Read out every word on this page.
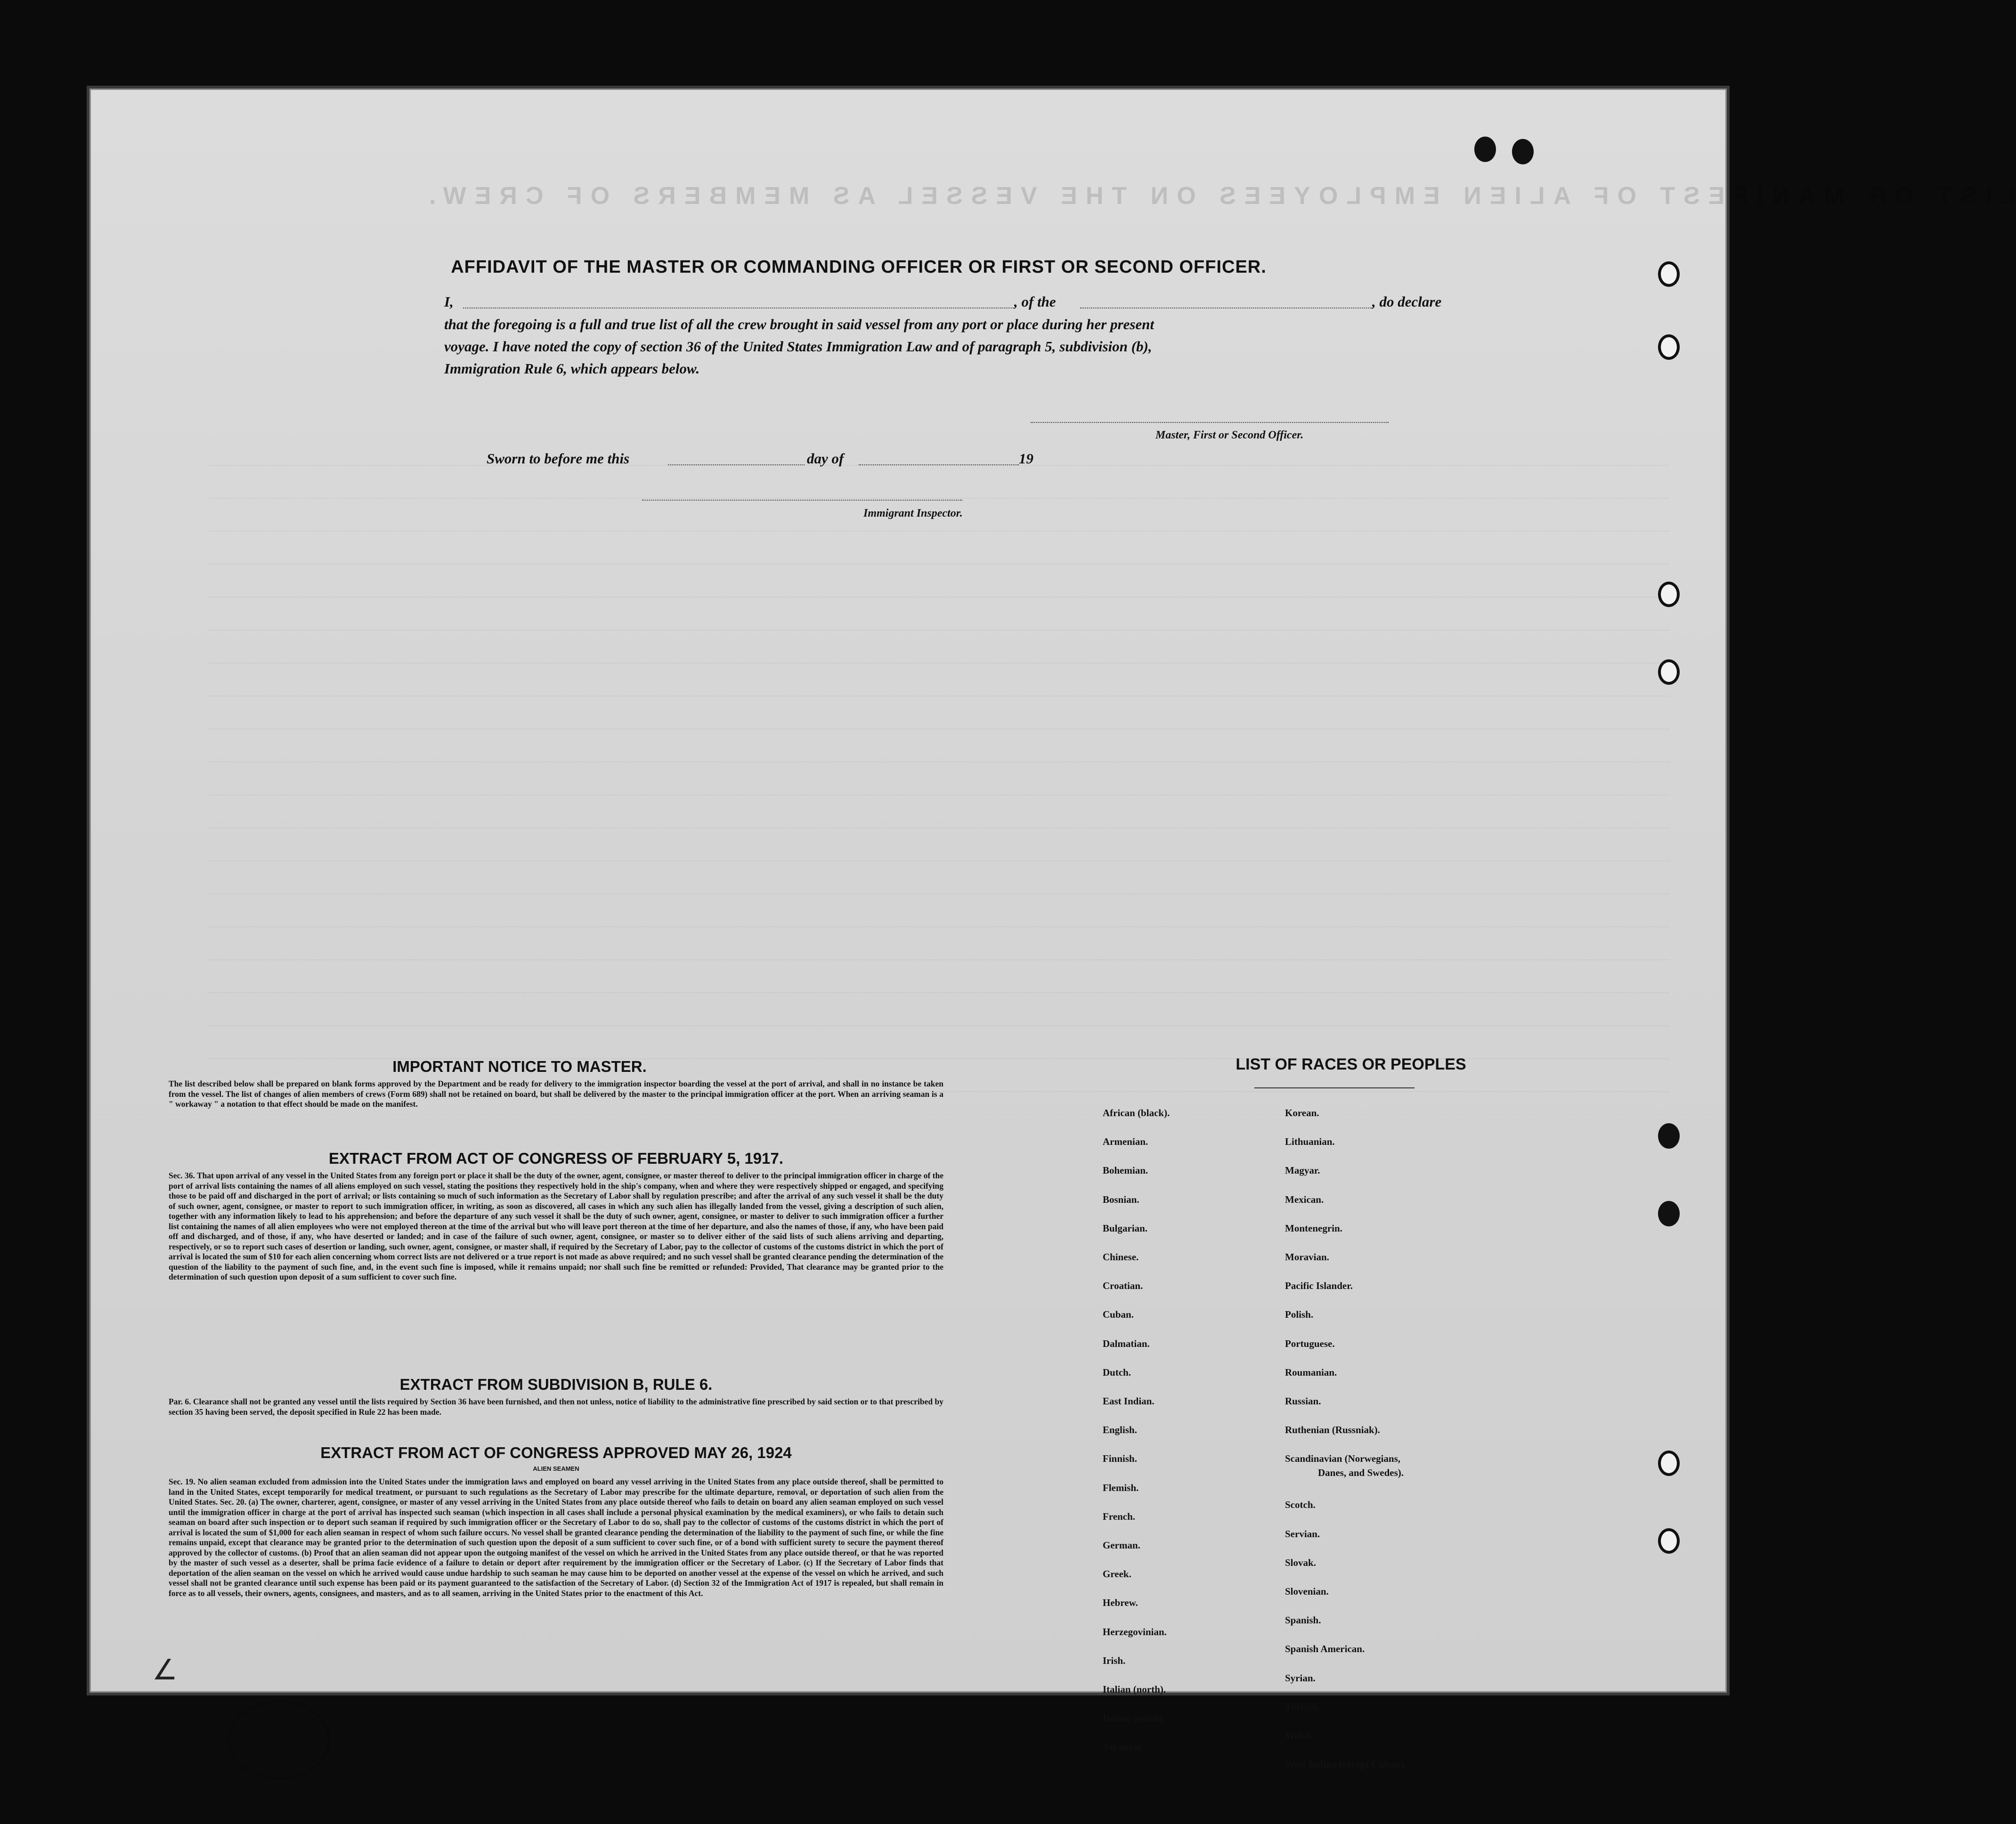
LIST OR MANIFEST OF ALIEN EMPLOYEES ON THE VESSEL AS MEMBERS OF CREW.
AFFIDAVIT OF THE MASTER OR COMMANDING OFFICER OR FIRST OR SECOND OFFICER.
I,	, of the	, do declare
that the foregoing is a full and true list of all the crew brought in said vessel from any port or place during her present
voyage. I have noted the copy of section 36 of the United States Immigration Law and of paragraph 5, subdivision (b),
Immigration Rule 6, which appears below.
Master, First or Second Officer.
Sworn to before me this	day of	19
Immigrant Inspector.
IMPORTANT NOTICE TO MASTER.
The list described below shall be prepared on blank forms approved by the Department and be ready for delivery to the immigration inspector boarding the vessel at the port of arrival, and shall in no instance be taken from the vessel. The list of changes of alien members of crews (Form 689) shall not be retained on board, but shall be delivered by the master to the principal immigration officer at the port. When an arriving seaman is a " workaway " a notation to that effect should be made on the manifest.
EXTRACT FROM ACT OF CONGRESS OF FEBRUARY 5, 1917.
Sec. 36. That upon arrival of any vessel in the United States from any foreign port or place it shall be the duty of the owner, agent, consignee, or master thereof to deliver to the principal immigration officer in charge of the port of arrival lists containing the names of all aliens employed on such vessel, stating the positions they respectively hold in the ship's company, when and where they were respectively shipped or engaged, and specifying those to be paid off and discharged in the port of arrival; or lists containing so much of such information as the Secretary of Labor shall by regulation prescribe; and after the arrival of any such vessel it shall be the duty of such owner, agent, consignee, or master to report to such immigration officer, in writing, as soon as discovered, all cases in which any such alien has illegally landed from the vessel, giving a description of such alien, together with any information likely to lead to his apprehension; and before the departure of any such vessel it shall be the duty of such owner, agent, consignee, or master to deliver to such immigration officer a further list containing the names of all alien employees who were not employed thereon at the time of the arrival but who will leave port thereon at the time of her departure, and also the names of those, if any, who have been paid off and discharged, and of those, if any, who have deserted or landed; and in case of the failure of such owner, agent, consignee, or master so to deliver either of the said lists of such aliens arriving and departing, respectively, or so to report such cases of desertion or landing, such owner, agent, consignee, or master shall, if required by the Secretary of Labor, pay to the collector of customs of the customs district in which the port of arrival is located the sum of $10 for each alien concerning whom correct lists are not delivered or a true report is not made as above required; and no such vessel shall be granted clearance pending the determination of the question of the liability to the payment of such fine, and, in the event such fine is imposed, while it remains unpaid; nor shall such fine be remitted or refunded: Provided, That clearance may be granted prior to the determination of such question upon deposit of a sum sufficient to cover such fine.
EXTRACT FROM SUBDIVISION B, RULE 6.
Par. 6. Clearance shall not be granted any vessel until the lists required by Section 36 have been furnished, and then not unless, notice of liability to the administrative fine prescribed by said section or to that prescribed by section 35 having been served, the deposit specified in Rule 22 has been made.
EXTRACT FROM ACT OF CONGRESS APPROVED MAY 26, 1924
ALIEN SEAMEN
Sec. 19. No alien seaman excluded from admission into the United States under the immigration laws and employed on board any vessel arriving in the United States from any place outside thereof, shall be permitted to land in the United States, except temporarily for medical treatment, or pursuant to such regulations as the Secretary of Labor may prescribe for the ultimate departure, removal, or deportation of such alien from the United States. Sec. 20. (a) The owner, charterer, agent, consignee, or master of any vessel arriving in the United States from any place outside thereof who fails to detain on board any alien seaman employed on such vessel until the immigration officer in charge at the port of arrival has inspected such seaman (which inspection in all cases shall include a personal physical examination by the medical examiners), or who fails to detain such seaman on board after such inspection or to deport such seaman if required by such immigration officer or the Secretary of Labor to do so, shall pay to the collector of customs of the customs district in which the port of arrival is located the sum of $1,000 for each alien seaman in respect of whom such failure occurs. No vessel shall be granted clearance pending the determination of the liability to the payment of such fine, or while the fine remains unpaid, except that clearance may be granted prior to the determination of such question upon the deposit of a sum sufficient to cover such fine, or of a bond with sufficient surety to secure the payment thereof approved by the collector of customs. (b) Proof that an alien seaman did not appear upon the outgoing manifest of the vessel on which he arrived in the United States from any place outside thereof, or that he was reported by the master of such vessel as a deserter, shall be prima facie evidence of a failure to detain or deport after requirement by the immigration officer or the Secretary of Labor. (c) If the Secretary of Labor finds that deportation of the alien seaman on the vessel on which he arrived would cause undue hardship to such seaman he may cause him to be deported on another vessel at the expense of the vessel on which he arrived, and such vessel shall not be granted clearance until such expense has been paid or its payment guaranteed to the satisfaction of the Secretary of Labor. (d) Section 32 of the Immigration Act of 1917 is repealed, but shall remain in force as to all vessels, their owners, agents, consignees, and masters, and as to all seamen, arriving in the United States prior to the enactment of this Act.
LIST OF RACES OR PEOPLES
African (black).
Armenian.
Bohemian.
Bosnian.
Bulgarian.
Chinese.
Croatian.
Cuban.
Dalmatian.
Dutch.
East Indian.
English.
Finnish.
Flemish.
French.
German.
Greek.
Hebrew.
Herzegovinian.
Irish.
Italian (north).
Italian (south).
Japanese.
Korean.
Lithuanian.
Magyar.
Mexican.
Montenegrin.
Moravian.
Pacific Islander.
Polish.
Portuguese.
Roumanian.
Russian.
Ruthenian (Russniak).
Scandinavian (Norwegians,
Danes, and Swedes).
Scotch.
Servian.
Slovak.
Slovenian.
Spanish.
Spanish American.
Syrian.
Turkish.
Welsh.
West Indian (except Cuban).
∠
